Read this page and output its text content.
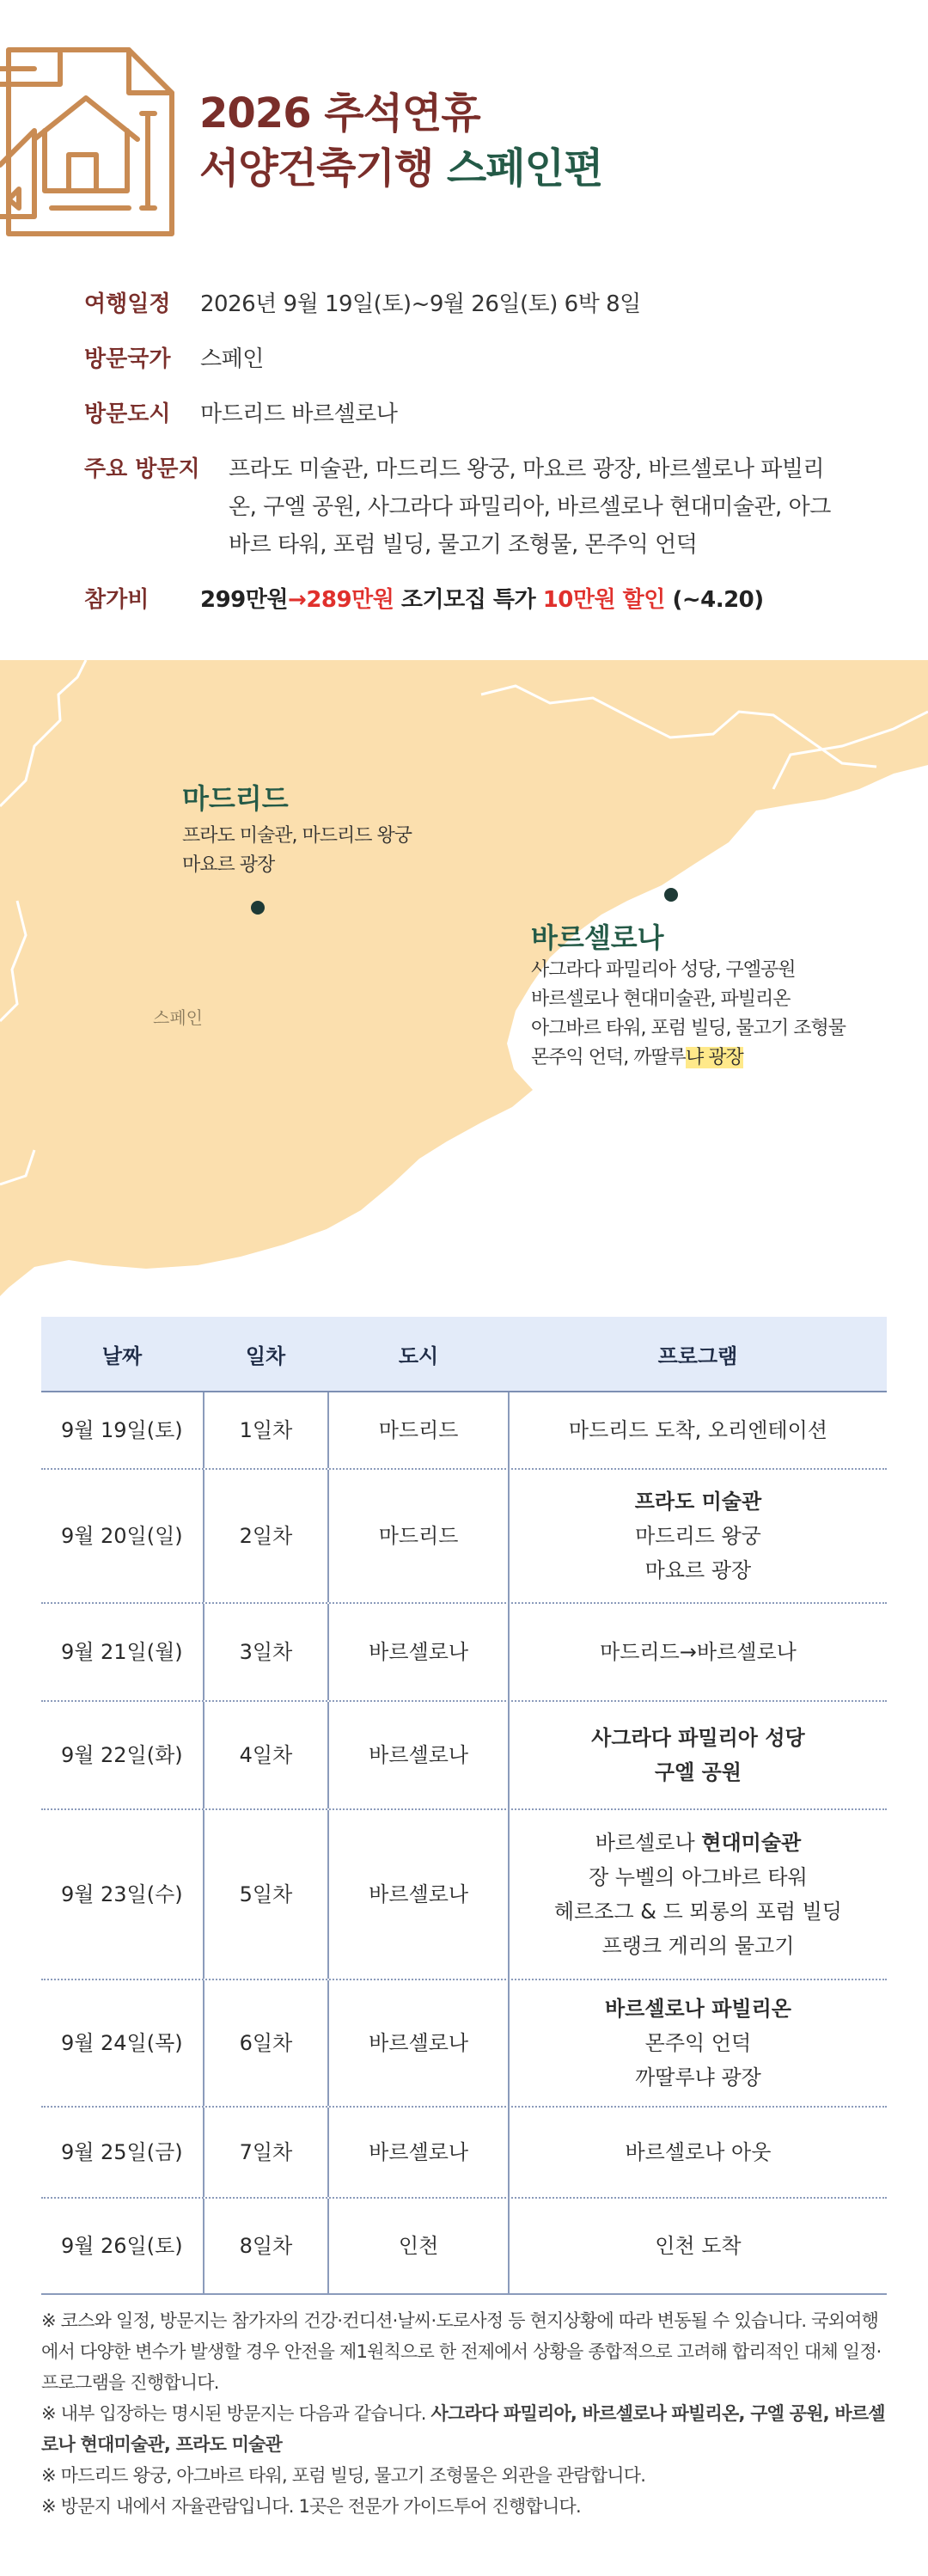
2026 추석연휴
서양건축기행 스페인편
여행일정	2026년 9월 19일(토)~9월 26일(토) 6박 8일
방문국가	스페인
방문도시	마드리드 바르셀로나
주요 방문지	프라도 미술관, 마드리드 왕궁, 마요르 광장, 바르셀로나 파빌리
온, 구엘 공원, 사그라다 파밀리아, 바르셀로나 현대미술관, 아그
바르 타워, 포럼 빌딩, 물고기 조형물, 몬주익 언덕
참가비	299만원→289만원 조기모집 특가 10만원 할인 (~4.20)
마드리드
프라도 미술관, 마드리드 왕궁
마요르 광장
바르셀로나
사그라다 파밀리아 성당, 구엘공원
바르셀로나 현대미술관, 파빌리온
아그바르 타워, 포럼 빌딩, 물고기 조형물
몬주익 언덕, 까딸루냐 광장
스페인
날짜	일차	도시	프로그램
9월 19일(토)	1일차	마드리드	마드리드 도착, 오리엔테이션
9월 20일(일)	2일차	마드리드
프라도 미술관
마드리드 왕궁
마요르 광장
9월 21일(월)	3일차	바르셀로나	마드리드→바르셀로나
9월 22일(화)	4일차	바르셀로나
사그라다 파밀리아 성당
구엘 공원
9월 23일(수)	5일차	바르셀로나
바르셀로나 현대미술관
장 누벨의 아그바르 타워
헤르조그 & 드 뫼롱의 포럼 빌딩
프랭크 게리의 물고기
9월 24일(목)	6일차	바르셀로나
바르셀로나 파빌리온
몬주익 언덕
까딸루냐 광장
9월 25일(금)	7일차	바르셀로나	바르셀로나 아웃
9월 26일(토)	8일차	인천	인천 도착

※ 코스와 일정, 방문지는 참가자의 건강·컨디션·날씨·도로사정 등 현지상황에 따라 변동될 수 있습니다. 국외여행에서 다양한 변수가 발생할 경우 안전을 제1원칙으로 한 전제에서 상황을 종합적으로 고려해 합리적인 대체 일정·프로그램을 진행합니다.

※ 내부 입장하는 명시된 방문지는 다음과 같습니다. 사그라다 파밀리아, 바르셀로나 파빌리온, 구엘 공원, 바르셀로나 현대미술관, 프라도 미술관

※ 마드리드 왕궁, 아그바르 타워, 포럼 빌딩, 물고기 조형물은 외관을 관람합니다.

※ 방문지 내에서 자율관람입니다. 1곳은 전문가 가이드투어 진행합니다.
